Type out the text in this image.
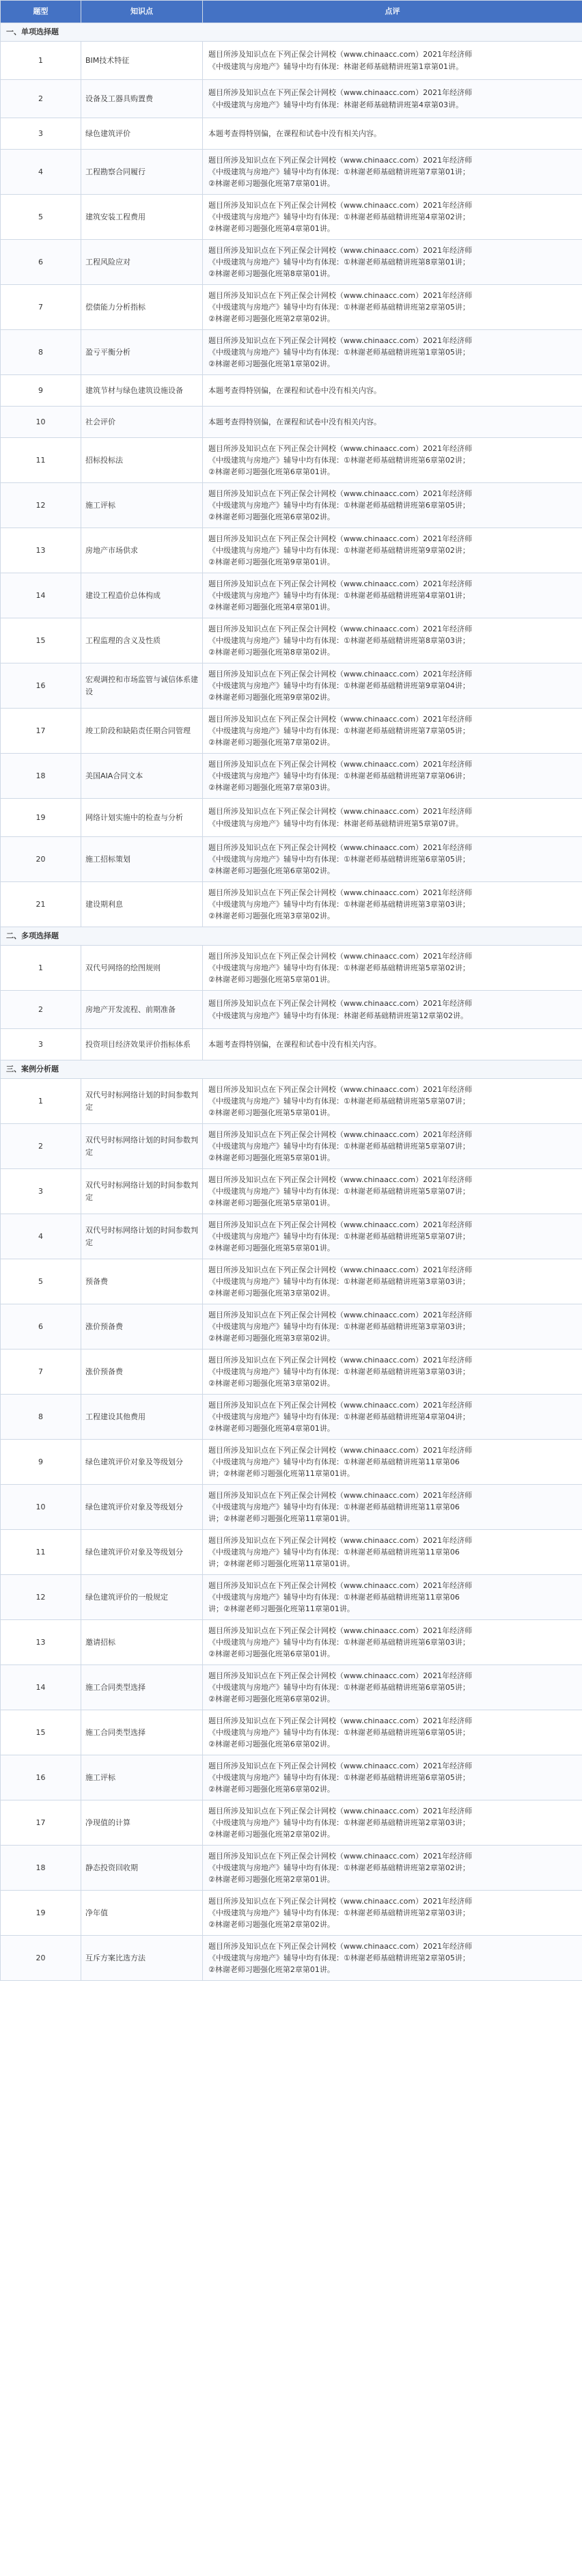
题型	知识点	点评
一、单项选择题		
1	BIM技术特征	题目所涉及知识点在下列正保会计网校（www.chinaacc.com）2021年经济师
《中级建筑与房地产》辅导中均有体现：林谢老师基础精讲班第1章第01讲。

2	设备及工器具购置费	题目所涉及知识点在下列正保会计网校（www.chinaacc.com）2021年经济师
《中级建筑与房地产》辅导中均有体现：林谢老师基础精讲班第4章第03讲。

3	绿色建筑评价	本题考查得特别偏，在课程和试卷中没有相关内容。

4	工程勘察合同履行	题目所涉及知识点在下列正保会计网校（www.chinaacc.com）2021年经济师
《中级建筑与房地产》辅导中均有体现：①林谢老师基础精讲班第7章第01讲；
②林谢老师习题强化班第7章第01讲。

5	建筑安装工程费用	题目所涉及知识点在下列正保会计网校（www.chinaacc.com）2021年经济师
《中级建筑与房地产》辅导中均有体现：①林谢老师基础精讲班第4章第02讲；
②林谢老师习题强化班第4章第01讲。

6	工程风险应对	题目所涉及知识点在下列正保会计网校（www.chinaacc.com）2021年经济师
《中级建筑与房地产》辅导中均有体现：①林谢老师基础精讲班第8章第01讲；
②林谢老师习题强化班第8章第01讲。

7	偿债能力分析指标	题目所涉及知识点在下列正保会计网校（www.chinaacc.com）2021年经济师
《中级建筑与房地产》辅导中均有体现：①林谢老师基础精讲班第2章第05讲；
②林谢老师习题强化班第2章第02讲。

8	盈亏平衡分析	题目所涉及知识点在下列正保会计网校（www.chinaacc.com）2021年经济师
《中级建筑与房地产》辅导中均有体现：①林谢老师基础精讲班第1章第05讲；
②林谢老师习题强化班第1章第02讲。

9	建筑节材与绿色建筑设施设备	本题考查得特别偏，在课程和试卷中没有相关内容。

10	社会评价	本题考查得特别偏，在课程和试卷中没有相关内容。

11	招标投标法	题目所涉及知识点在下列正保会计网校（www.chinaacc.com）2021年经济师
《中级建筑与房地产》辅导中均有体现：①林谢老师基础精讲班第6章第02讲；
②林谢老师习题强化班第6章第01讲。

12	施工评标	题目所涉及知识点在下列正保会计网校（www.chinaacc.com）2021年经济师
《中级建筑与房地产》辅导中均有体现：①林谢老师基础精讲班第6章第05讲；
②林谢老师习题强化班第6章第02讲。

13	房地产市场供求	题目所涉及知识点在下列正保会计网校（www.chinaacc.com）2021年经济师
《中级建筑与房地产》辅导中均有体现：①林谢老师基础精讲班第9章第02讲；
②林谢老师习题强化班第9章第01讲。

14	建设工程造价总体构成	题目所涉及知识点在下列正保会计网校（www.chinaacc.com）2021年经济师
《中级建筑与房地产》辅导中均有体现：①林谢老师基础精讲班第4章第01讲；
②林谢老师习题强化班第4章第01讲。

15	工程监理的含义及性质	题目所涉及知识点在下列正保会计网校（www.chinaacc.com）2021年经济师
《中级建筑与房地产》辅导中均有体现：①林谢老师基础精讲班第8章第03讲；
②林谢老师习题强化班第8章第02讲。

16	宏观调控和市场监管与诚信体系建设	题目所涉及知识点在下列正保会计网校（www.chinaacc.com）2021年经济师
《中级建筑与房地产》辅导中均有体现：①林谢老师基础精讲班第9章第04讲；
②林谢老师习题强化班第9章第02讲。

17	竣工阶段和缺陷责任期合同管理	题目所涉及知识点在下列正保会计网校（www.chinaacc.com）2021年经济师
《中级建筑与房地产》辅导中均有体现：①林谢老师基础精讲班第7章第05讲；
②林谢老师习题强化班第7章第02讲。

18	美国AIA合同文本	题目所涉及知识点在下列正保会计网校（www.chinaacc.com）2021年经济师
《中级建筑与房地产》辅导中均有体现：①林谢老师基础精讲班第7章第06讲；
②林谢老师习题强化班第7章第03讲。

19	网络计划实施中的检查与分析	题目所涉及知识点在下列正保会计网校（www.chinaacc.com）2021年经济师
《中级建筑与房地产》辅导中均有体现：林谢老师基础精讲班第5章第07讲。

20	施工招标策划	题目所涉及知识点在下列正保会计网校（www.chinaacc.com）2021年经济师
《中级建筑与房地产》辅导中均有体现：①林谢老师基础精讲班第6章第05讲；
②林谢老师习题强化班第6章第02讲。

21	建设期利息	题目所涉及知识点在下列正保会计网校（www.chinaacc.com）2021年经济师
《中级建筑与房地产》辅导中均有体现：①林谢老师基础精讲班第3章第03讲；
②林谢老师习题强化班第3章第02讲。

二、多项选择题		
1	双代号网络的绘图规则	题目所涉及知识点在下列正保会计网校（www.chinaacc.com）2021年经济师
《中级建筑与房地产》辅导中均有体现：①林谢老师基础精讲班第5章第02讲；
②林谢老师习题强化班第5章第01讲。

2	房地产开发流程、前期准备	题目所涉及知识点在下列正保会计网校（www.chinaacc.com）2021年经济师
《中级建筑与房地产》辅导中均有体现：林谢老师基础精讲班第12章第02讲。

3	投资项目经济效果评价指标体系	本题考查得特别偏，在课程和试卷中没有相关内容。

三、案例分析题		
1	双代号时标网络计划的时间参数判定	题目所涉及知识点在下列正保会计网校（www.chinaacc.com）2021年经济师
《中级建筑与房地产》辅导中均有体现：①林谢老师基础精讲班第5章第07讲；
②林谢老师习题强化班第5章第01讲。

2	双代号时标网络计划的时间参数判定	题目所涉及知识点在下列正保会计网校（www.chinaacc.com）2021年经济师
《中级建筑与房地产》辅导中均有体现：①林谢老师基础精讲班第5章第07讲；
②林谢老师习题强化班第5章第01讲。

3	双代号时标网络计划的时间参数判定	题目所涉及知识点在下列正保会计网校（www.chinaacc.com）2021年经济师
《中级建筑与房地产》辅导中均有体现：①林谢老师基础精讲班第5章第07讲；
②林谢老师习题强化班第5章第01讲。

4	双代号时标网络计划的时间参数判定	题目所涉及知识点在下列正保会计网校（www.chinaacc.com）2021年经济师
《中级建筑与房地产》辅导中均有体现：①林谢老师基础精讲班第5章第07讲；
②林谢老师习题强化班第5章第01讲。

5	预备费	题目所涉及知识点在下列正保会计网校（www.chinaacc.com）2021年经济师
《中级建筑与房地产》辅导中均有体现：①林谢老师基础精讲班第3章第03讲；
②林谢老师习题强化班第3章第02讲。

6	涨价预备费	题目所涉及知识点在下列正保会计网校（www.chinaacc.com）2021年经济师
《中级建筑与房地产》辅导中均有体现：①林谢老师基础精讲班第3章第03讲；
②林谢老师习题强化班第3章第02讲。

7	涨价预备费	题目所涉及知识点在下列正保会计网校（www.chinaacc.com）2021年经济师
《中级建筑与房地产》辅导中均有体现：①林谢老师基础精讲班第3章第03讲；
②林谢老师习题强化班第3章第02讲。

8	工程建设其他费用	题目所涉及知识点在下列正保会计网校（www.chinaacc.com）2021年经济师
《中级建筑与房地产》辅导中均有体现：①林谢老师基础精讲班第4章第04讲；
②林谢老师习题强化班第4章第01讲。

9	绿色建筑评价对象及等级划分	题目所涉及知识点在下列正保会计网校（www.chinaacc.com）2021年经济师
《中级建筑与房地产》辅导中均有体现：①林谢老师基础精讲班第11章第06
讲；②林谢老师习题强化班第11章第01讲。

10	绿色建筑评价对象及等级划分	题目所涉及知识点在下列正保会计网校（www.chinaacc.com）2021年经济师
《中级建筑与房地产》辅导中均有体现：①林谢老师基础精讲班第11章第06
讲；②林谢老师习题强化班第11章第01讲。

11	绿色建筑评价对象及等级划分	题目所涉及知识点在下列正保会计网校（www.chinaacc.com）2021年经济师
《中级建筑与房地产》辅导中均有体现：①林谢老师基础精讲班第11章第06
讲；②林谢老师习题强化班第11章第01讲。

12	绿色建筑评价的一般规定	题目所涉及知识点在下列正保会计网校（www.chinaacc.com）2021年经济师
《中级建筑与房地产》辅导中均有体现：①林谢老师基础精讲班第11章第06
讲；②林谢老师习题强化班第11章第01讲。

13	邀请招标	题目所涉及知识点在下列正保会计网校（www.chinaacc.com）2021年经济师
《中级建筑与房地产》辅导中均有体现：①林谢老师基础精讲班第6章第03讲；
②林谢老师习题强化班第6章第01讲。

14	施工合同类型选择	题目所涉及知识点在下列正保会计网校（www.chinaacc.com）2021年经济师
《中级建筑与房地产》辅导中均有体现：①林谢老师基础精讲班第6章第05讲；
②林谢老师习题强化班第6章第02讲。

15	施工合同类型选择	题目所涉及知识点在下列正保会计网校（www.chinaacc.com）2021年经济师
《中级建筑与房地产》辅导中均有体现：①林谢老师基础精讲班第6章第05讲；
②林谢老师习题强化班第6章第02讲。

16	施工评标	题目所涉及知识点在下列正保会计网校（www.chinaacc.com）2021年经济师
《中级建筑与房地产》辅导中均有体现：①林谢老师基础精讲班第6章第05讲；
②林谢老师习题强化班第6章第02讲。

17	净现值的计算	题目所涉及知识点在下列正保会计网校（www.chinaacc.com）2021年经济师
《中级建筑与房地产》辅导中均有体现：①林谢老师基础精讲班第2章第03讲；
②林谢老师习题强化班第2章第02讲。

18	静态投资回收期	题目所涉及知识点在下列正保会计网校（www.chinaacc.com）2021年经济师
《中级建筑与房地产》辅导中均有体现：①林谢老师基础精讲班第2章第02讲；
②林谢老师习题强化班第2章第01讲。

19	净年值	题目所涉及知识点在下列正保会计网校（www.chinaacc.com）2021年经济师
《中级建筑与房地产》辅导中均有体现：①林谢老师基础精讲班第2章第03讲；
②林谢老师习题强化班第2章第02讲。

20	互斥方案比选方法	题目所涉及知识点在下列正保会计网校（www.chinaacc.com）2021年经济师
《中级建筑与房地产》辅导中均有体现：①林谢老师基础精讲班第2章第05讲；
②林谢老师习题强化班第2章第01讲。
